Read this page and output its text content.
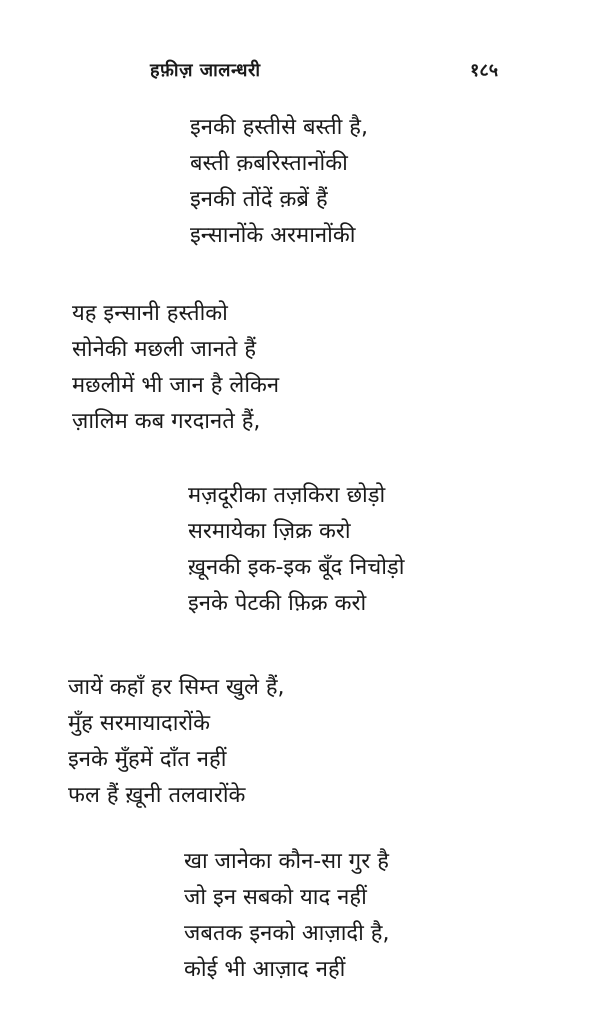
हफ़ीज़ जालन्धरी	१८५
इनकी हस्तीसे बस्ती है,
बस्ती क़बरिस्तानोंकी
इनकी तोंदें क़ब्रें हैं
इन्सानोंके अरमानोंकी
यह इन्सानी हस्तीको
सोनेकी मछली जानते हैं
मछलीमें भी जान है लेकिन
ज़ालिम कब गरदानते हैं,
मज़दूरीका तज़किरा छोड़ो
सरमायेका ज़िक्र करो
ख़ूनकी इक-इक बूँद निचोड़ो
इनके पेटकी फ़िक्र करो
जायें कहाँ हर सिम्त खुले हैं,
मुँह सरमायादारोंके
इनके मुँहमें दाँत नहीं
फल हैं ख़ूनी तलवारोंके
खा जानेका कौन-सा गुर है
जो इन सबको याद नहीं
जबतक इनको आज़ादी है,
कोई भी आज़ाद नहीं
